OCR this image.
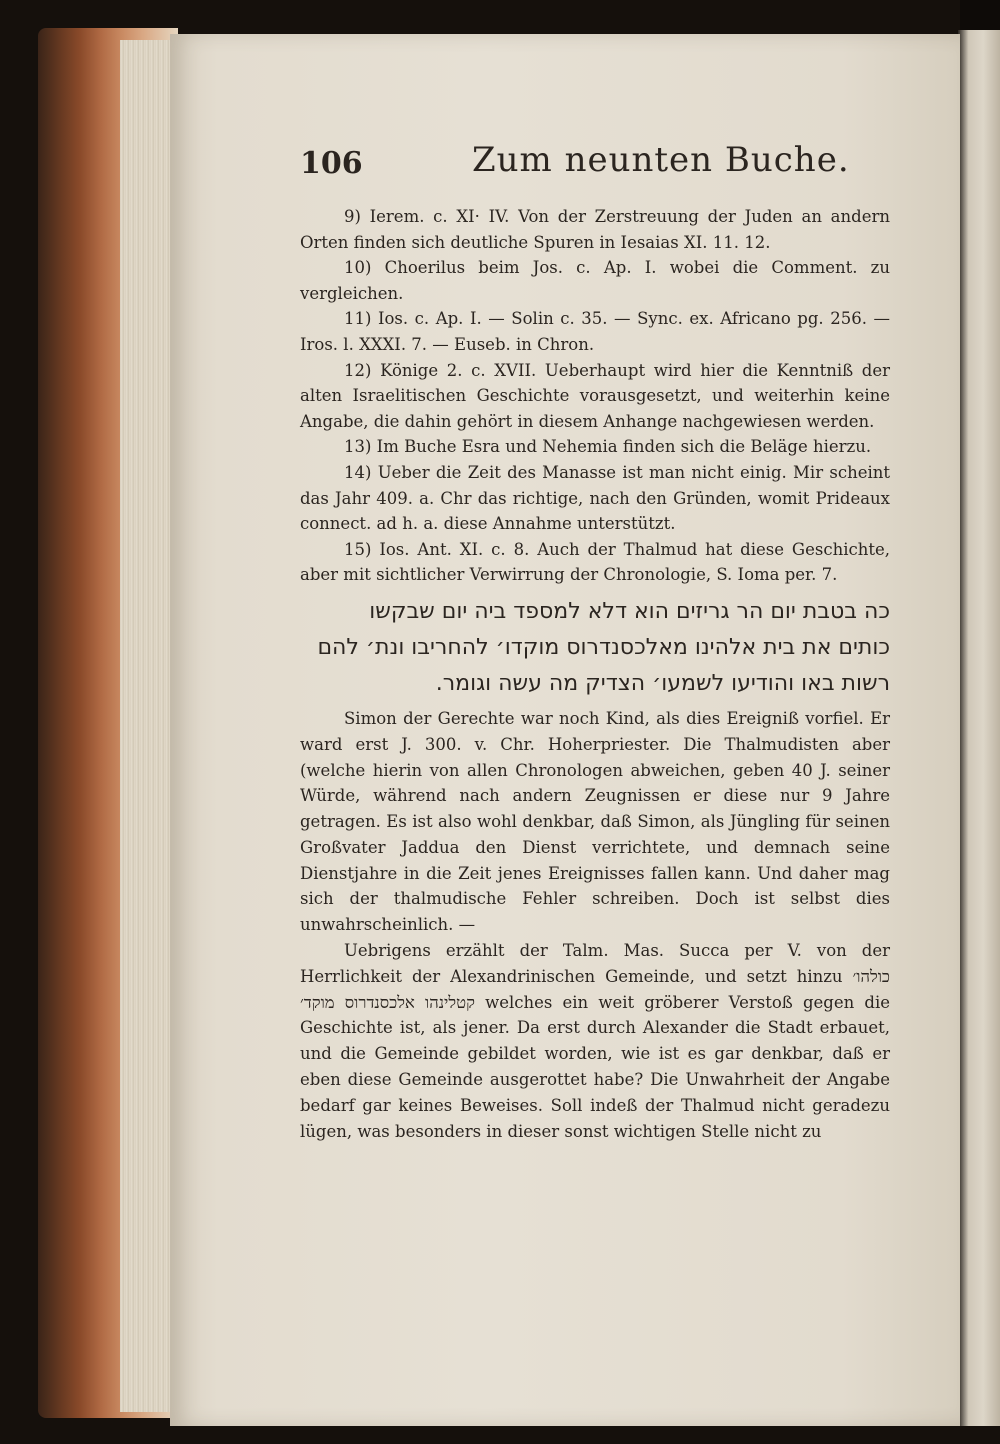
106	Zum neunten Buche.

9) Ierem. c. XI· IV. Von der Zerstreuung der Juden an andern Orten finden sich deutliche Spuren in Iesaias XI. 11. 12.

10) Choerilus beim Jos. c. Ap. I. wobei die Comment. zu vergleichen.

11) Ios. c. Ap. I. — Solin c. 35. — Sync. ex. Africano pg. 256. — Iros. l. XXXI. 7. — Euseb. in Chron.

12) Könige 2. c. XVII. Ueberhaupt wird hier die Kenntniß der alten Israelitischen Geschichte vorausgesetzt, und weiterhin keine Angabe, die dahin gehört in diesem Anhange nachgewiesen werden.

13) Im Buche Esra und Nehemia finden sich die Beläge hierzu.

14) Ueber die Zeit des Manasse ist man nicht einig. Mir scheint das Jahr 409. a. Chr das richtige, nach den Gründen, womit Prideaux connect. ad h. a. diese Annahme unterstützt.

15) Ios. Ant. XI. c. 8. Auch der Thalmud hat diese Geschichte, aber mit sichtlicher Verwirrung der Chronologie, S. Ioma per. 7.

כה בטבת יום הר גריזים הוא דלא למספד ביה יום שבקשו
כותים את בית אלהינו מאלכסנדרוס מוקדו׳ להחריבו ונת׳ להם
רשות באו והודיעו לשמעו׳ הצדיק מה עשה וגומר.

Simon der Gerechte war noch Kind, als dies Ereigniß vorfiel. Er ward erst J. 300. v. Chr. Hoherpriester. Die Thalmudisten aber (welche hierin von allen Chronologen abweichen, geben 40 J. seiner Würde, während nach andern Zeugnissen er diese nur 9 Jahre getragen. Es ist also wohl denkbar, daß Simon, als Jüngling für seinen Großvater Jaddua den Dienst verrichtete, und demnach seine Dienstjahre in die Zeit jenes Ereignisses fallen kann. Und daher mag sich der thalmudische Fehler schreiben. Doch ist selbst dies unwahrscheinlich. —

Uebrigens erzählt der Talm. Mas. Succa per V. von der Herrlichkeit der Alexandrinischen Gemeinde, und setzt hinzu כולהו׳ קטלינהו אלכסנדרוס מוקד׳ welches ein weit gröberer Verstoß gegen die Geschichte ist, als jener. Da erst durch Alexander die Stadt erbauet, und die Gemeinde gebildet worden, wie ist es gar denkbar, daß er eben diese Gemeinde ausgerottet habe? Die Unwahrheit der Angabe bedarf gar keines Beweises. Soll indeß der Thalmud nicht geradezu lügen, was besonders in dieser sonst wichtigen Stelle nicht zu
